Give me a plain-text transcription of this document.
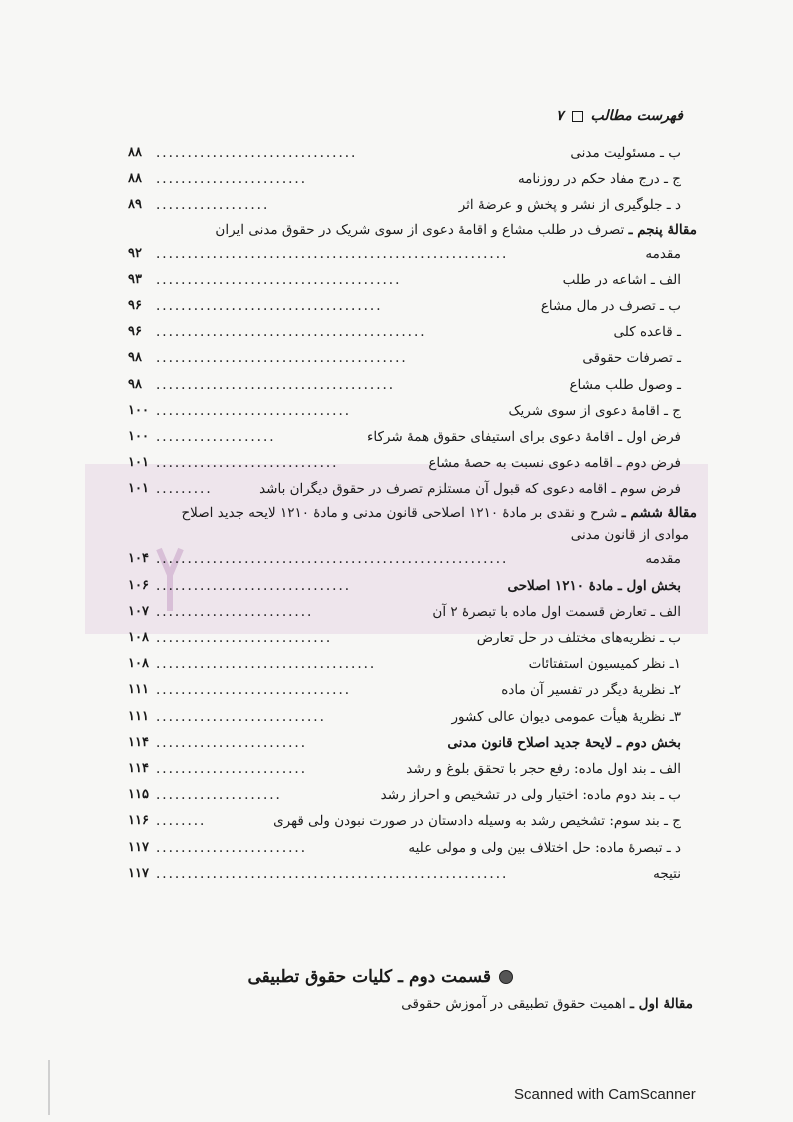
فهرست مطالب
۷
ب ـ مسئولیت مدنی
................................
۸۸
ج ـ درج مفاد حکم در روزنامه
........................
۸۸
د ـ جلوگیری از نشر و پخش و عرضهٔ اثر
..................
۸۹
مقالهٔ پنجم ـ تصرف در طلب مشاع و اقامهٔ دعوی از سوی شریک در حقوق مدنی ایران
مقدمه
........................................................
۹۲
الف ـ اشاعه در طلب
.......................................
۹۳
ب ـ تصرف در مال مشاع
....................................
۹۶
ـ قاعده کلی
...........................................
۹۶
ـ تصرفات حقوقی
........................................
۹۸
ـ وصول طلب مشاع
......................................
۹۸
ج ـ اقامهٔ دعوی از سوی شریک
...............................
۱۰۰
فرض اول ـ اقامهٔ دعوی برای استیفای حقوق همهٔ شرکاء
...................
۱۰۰
فرض دوم ـ اقامه دعوی نسبت به حصهٔ مشاع
.............................
۱۰۱
فرض سوم ـ اقامه دعوی که قبول آن مستلزم تصرف در حقوق دیگران باشد
.........
۱۰۱
مقالهٔ ششم ـ شرح و نقدی بر مادهٔ ۱۲۱۰ اصلاحی قانون مدنی و مادهٔ ۱۲۱۰ لایحه جدید اصلاح
موادی از قانون مدنی
مقدمه
........................................................
۱۰۴
بخش اول ـ مادهٔ ۱۲۱۰ اصلاحی
...............................
۱۰۶
الف ـ تعارض قسمت اول ماده با تبصرهٔ ۲ آن
.........................
۱۰۷
ب ـ نظریه‌های مختلف در حل تعارض
............................
۱۰۸
۱ـ نظر کمیسیون استفتائات
...................................
۱۰۸
۲ـ نظریهٔ دیگر در تفسیر آن ماده
...............................
۱۱۱
۳ـ نظریهٔ هیأت عمومی دیوان عالی کشور
...........................
۱۱۱
بخش دوم ـ لایحهٔ جدید اصلاح قانون مدنی
........................
۱۱۴
الف ـ بند اول ماده: رفع حجر با تحقق بلوغ و رشد
........................
۱۱۴
ب ـ بند دوم ماده: اختیار ولی در تشخیص و احراز رشد
....................
۱۱۵
ج ـ بند سوم: تشخیص رشد به وسیله دادستان در صورت نبودن ولی قهری
........
۱۱۶
د ـ تبصرهٔ ماده: حل اختلاف بین ولی و مولی علیه
........................
۱۱۷
نتیجه
........................................................
۱۱۷
قسمت دوم ـ کلیات حقوق تطبیقی
مقالهٔ اول ـ اهمیت حقوق تطبیقی در آموزش حقوقی
Scanned with CamScanner
